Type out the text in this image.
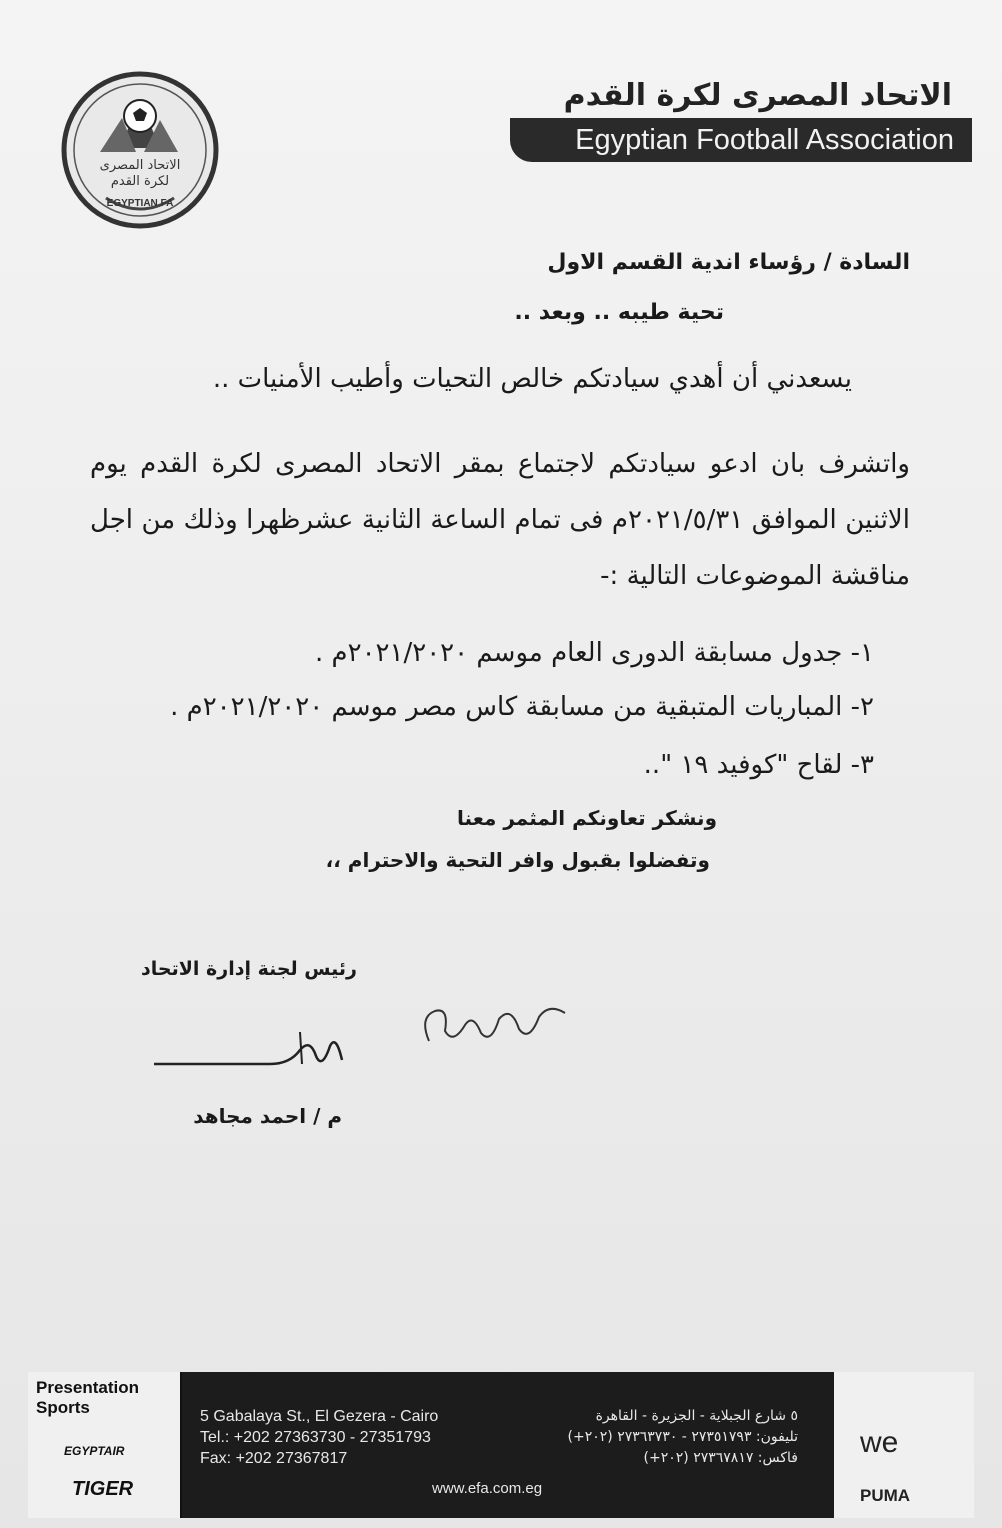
الاتحاد المصرى لكرة القدم
EGYPTIAN FA
الاتحاد المصرى لكرة القدم
Egyptian Football Association
السادة / رؤساء اندية القسم الاول
تحية طيبه .. وبعد ..
يسعدني أن أهدي سيادتكم خالص التحيات وأطيب الأمنيات ..
واتشرف بان ادعو سيادتكم لاجتماع بمقر الاتحاد المصرى لكرة القدم يوم الاثنين الموافق ٢٠٢١/٥/٣١م فى تمام الساعة الثانية عشرظهرا وذلك من اجل مناقشة الموضوعات التالية :-
١- جدول مسابقة الدورى العام موسم ٢٠٢١/٢٠٢٠م .
٢- المباريات المتبقية من مسابقة كاس مصر موسم ٢٠٢١/٢٠٢٠م .
٣- لقاح "كوفيد ١٩ "..
ونشكر تعاونكم المثمر معنا
وتفضلوا بقبول وافر التحية والاحترام ،،
رئيس لجنة إدارة الاتحاد
م / احمد مجاهد
Presentation Sports
EGYPTAIR
TIGER
5 Gabalaya St., El Gezera - Cairo
Tel.: +202 27363730 - 27351793
Fax: +202 27367817
٥ شارع الجبلاية - الجزيرة - القاهرة
تليفون: ٢٧٣٥١٧٩٣ - ٢٧٣٦٣٧٣٠ (٢٠٢+)
فاكس: ٢٧٣٦٧٨١٧ (٢٠٢+)
www.efa.com.eg
we
PUMA
